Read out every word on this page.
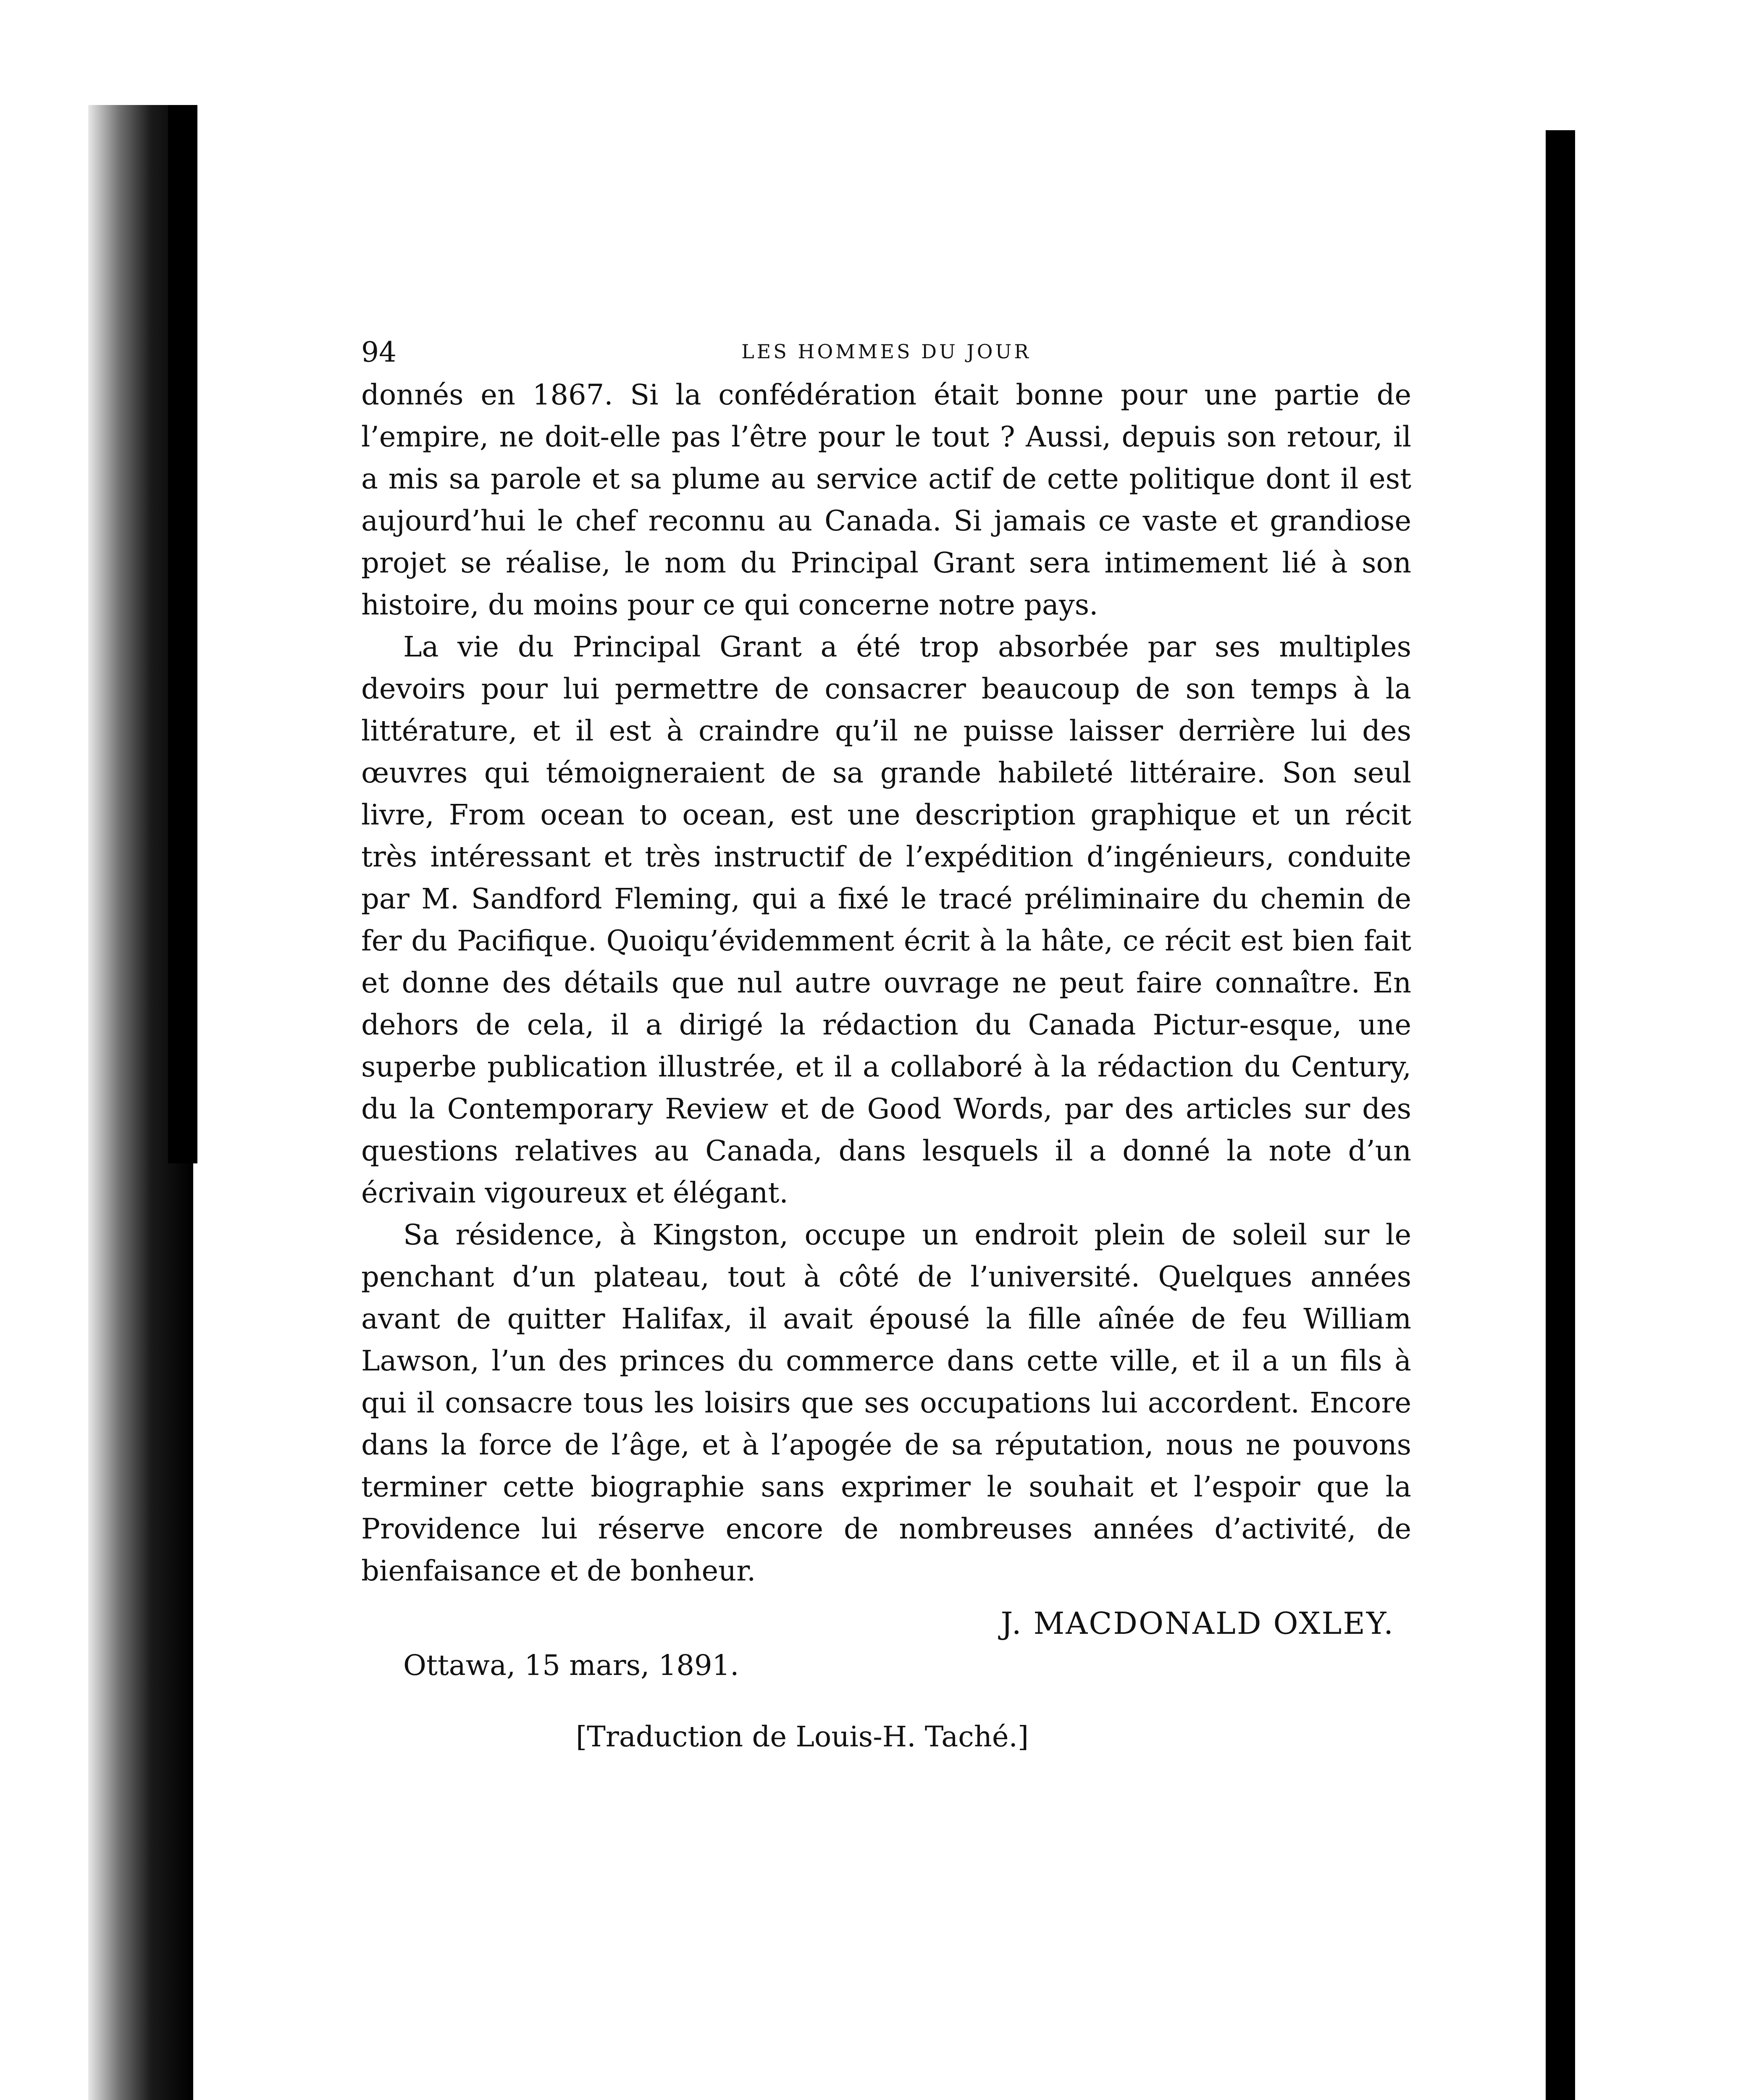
94	LES HOMMES DU JOUR

donnés en 1867. Si la confédération était bonne pour une partie de l’empire, ne doit-elle pas l’être pour le tout ? Aussi, depuis son retour, il a mis sa parole et sa plume au service actif de cette politique dont il est aujourd’hui le chef reconnu au Canada. Si jamais ce vaste et grandiose projet se réalise, le nom du Principal Grant sera intimement lié à son histoire, du moins pour ce qui concerne notre pays.

La vie du Principal Grant a été trop absorbée par ses multiples devoirs pour lui permettre de consacrer beaucoup de son temps à la littérature, et il est à craindre qu’il ne puisse laisser derrière lui des œuvres qui témoigneraient de sa grande habileté littéraire. Son seul livre, From ocean to ocean, est une description graphique et un récit très intéressant et très instructif de l’expédition d’ingénieurs, conduite par M. Sandford Fleming, qui a fixé le tracé préliminaire du chemin de fer du Pacifique. Quoiqu’évidemment écrit à la hâte, ce récit est bien fait et donne des détails que nul autre ouvrage ne peut faire connaître. En dehors de cela, il a dirigé la rédaction du Canada Pictur-esque, une superbe publication illustrée, et il a collaboré à la rédaction du Century, du la Contemporary Review et de Good Words, par des articles sur des questions relatives au Canada, dans lesquels il a donné la note d’un écrivain vigoureux et élégant.

Sa résidence, à Kingston, occupe un endroit plein de soleil sur le penchant d’un plateau, tout à côté de l’université. Quelques années avant de quitter Halifax, il avait épousé la fille aînée de feu William Lawson, l’un des princes du commerce dans cette ville, et il a un fils à qui il consacre tous les loisirs que ses occupations lui accordent. Encore dans la force de l’âge, et à l’apogée de sa réputation, nous ne pouvons terminer cette biographie sans exprimer le souhait et l’espoir que la Providence lui réserve encore de nombreuses années d’activité, de bienfaisance et de bonheur.

J. MACDONALD OXLEY.
Ottawa, 15 mars, 1891.
[Traduction de Louis-H. Taché.]
